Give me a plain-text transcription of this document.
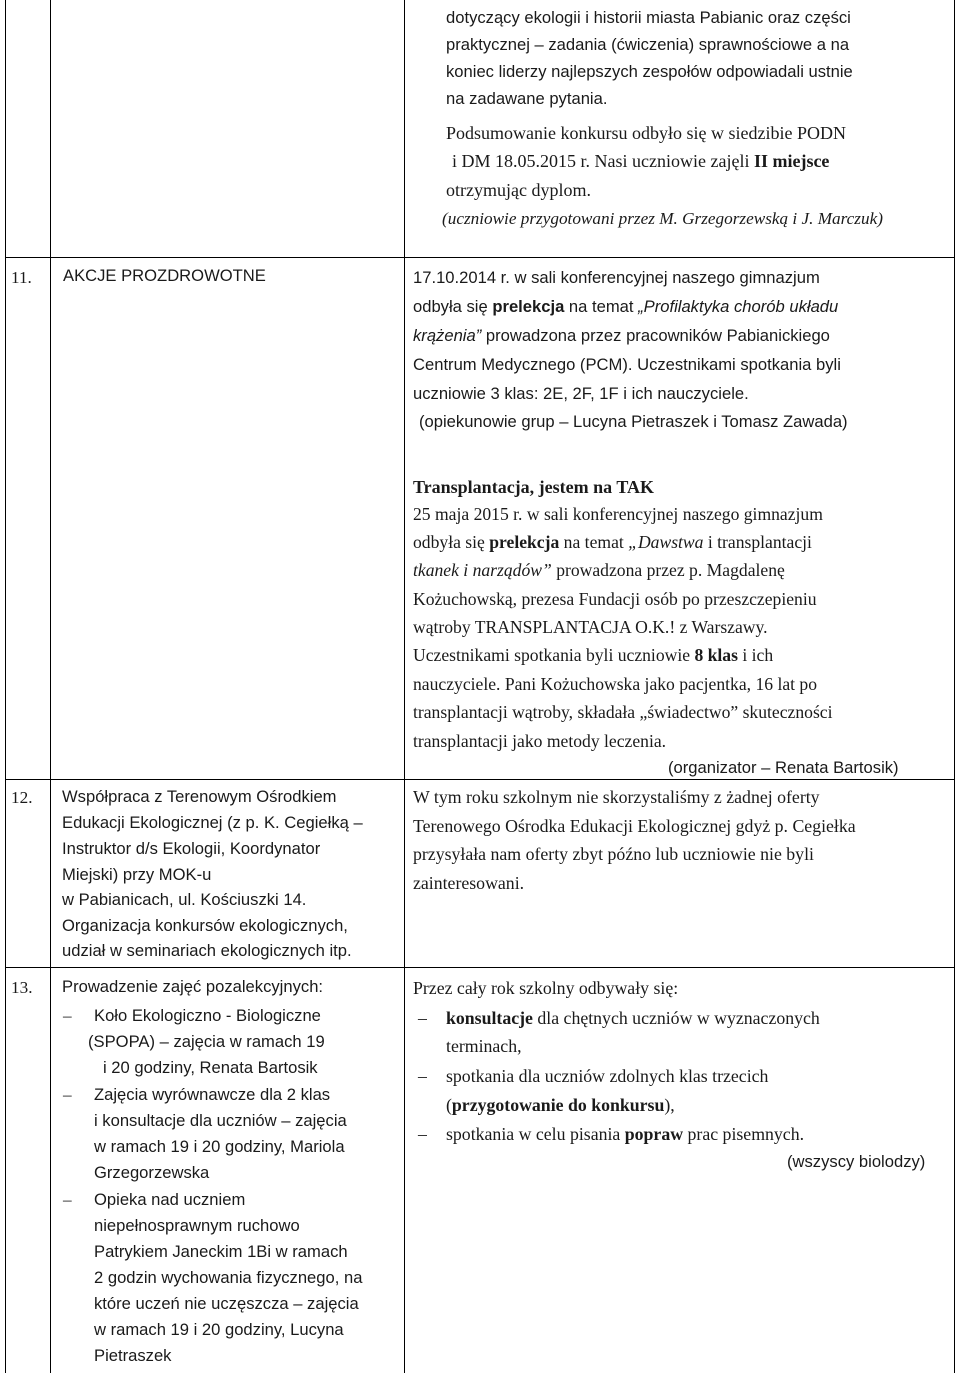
dotyczący ekologii i historii miasta Pabianic oraz części
praktycznej – zadania (ćwiczenia) sprawnościowe a na
koniec liderzy najlepszych zespołów odpowiadali ustnie
na zadawane pytania.
Podsumowanie konkursu odbyło się w siedzibie PODN
i DM 18.05.2015 r. Nasi uczniowie zajęli II miejsce
otrzymując dyplom.
(uczniowie przygotowani przez M. Grzegorzewską i J. Marczuk)
11. AKCJE PROZDROWOTNE	17.10.2014 r. w sali konferencyjnej naszego gimnazjum
odbyła się prelekcja na temat „Profilaktyka chorób układu
krążenia” prowadzona przez pracowników Pabianickiego
Centrum Medycznego (PCM). Uczestnikami spotkania byli
uczniowie 3 klas: 2E, 2F, 1F i ich nauczyciele.
(opiekunowie grup – Lucyna Pietraszek i Tomasz Zawada)
Transplantacja, jestem na TAK
25 maja 2015 r. w sali konferencyjnej naszego gimnazjum
odbyła się prelekcja na temat „Dawstwa i transplantacji
tkanek i narządów” prowadzona przez p. Magdalenę
Kożuchowską, prezesa Fundacji osób po przeszczepieniu
wątroby TRANSPLANTACJA O.K.! z Warszawy.
Uczestnikami spotkania byli uczniowie 8 klas i ich
nauczyciele. Pani Kożuchowska jako pacjentka, 16 lat po
transplantacji wątroby, składała „świadectwo” skuteczności
transplantacji jako metody leczenia.
(organizator – Renata Bartosik)
12. Współpraca z Terenowym Ośrodkiem
Edukacji Ekologicznej (z p. K. Cegiełką –
Instruktor d/s Ekologii, Koordynator
Miejski) przy MOK-u
w Pabianicach, ul. Kościuszki 14.
Organizacja konkursów ekologicznych,
udział w seminariach ekologicznych itp.
W tym roku szkolnym nie skorzystaliśmy z żadnej oferty
Terenowego Ośrodka Edukacji Ekologicznej gdyż p. Cegiełka
przysyłała nam oferty zbyt późno lub uczniowie nie byli
zainteresowani.
13. Prowadzenie zajęć pozalekcyjnych:
– Koło Ekologiczno - Biologiczne
(SPOPA) – zajęcia w ramach 19
i 20 godziny, Renata Bartosik
– Zajęcia wyrównawcze dla 2 klas
i konsultacje dla uczniów – zajęcia
w ramach 19 i 20 godziny, Mariola
Grzegorzewska
– Opieka nad uczniem
niepełnosprawnym ruchowo
Patrykiem Janeckim 1Bi w ramach
2 godzin wychowania fizycznego, na
które uczeń nie uczęszcza – zajęcia
w ramach 19 i 20 godziny, Lucyna
Pietraszek
Przez cały rok szkolny odbywały się:
– konsultacje dla chętnych uczniów w wyznaczonych
terminach,
– spotkania dla uczniów zdolnych klas trzecich
(przygotowanie do konkursu),
– spotkania w celu pisania popraw prac pisemnych.
(wszyscy biolodzy)
